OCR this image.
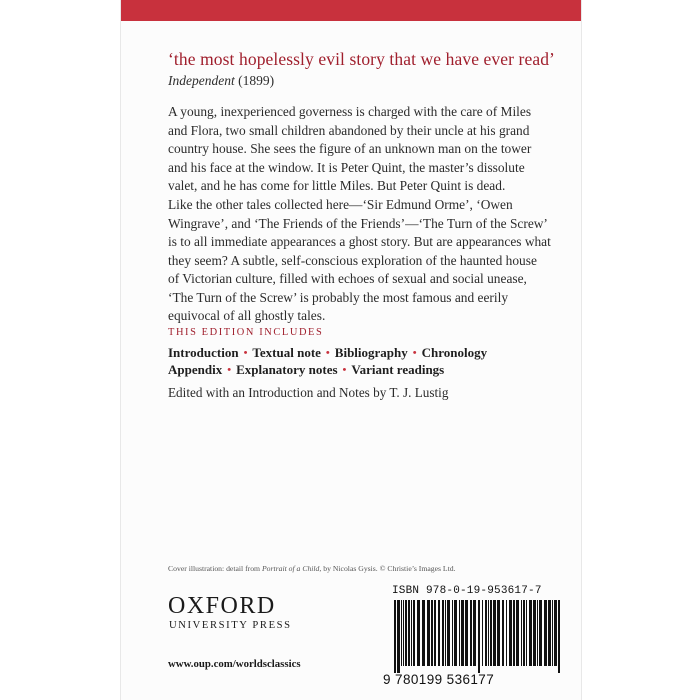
‘the most hopelessly evil story that we have ever read’
Independent (1899)

A young, inexperienced governess is charged with the care of Miles and Flora, two small children abandoned by their uncle at his grand country house. She sees the figure of an unknown man on the tower and his face at the window. It is Peter Quint, the master’s dissolute valet, and he has come for little Miles. But Peter Quint is dead.

Like the other tales collected here—‘Sir Edmund Orme’, ‘Owen Wingrave’, and ‘The Friends of the Friends’—‘The Turn of the Screw’ is to all immediate appearances a ghost story. But are appearances what they seem? A subtle, self-conscious exploration of the haunted house of Victorian culture, filled with echoes of sexual and social unease, ‘The Turn of the Screw’ is probably the most famous and eerily equivocal of all ghostly tales.

THIS EDITION INCLUDES
Introduction • Textual note • Bibliography • Chronology
Appendix • Explanatory notes • Variant readings
Edited with an Introduction and Notes by T. J. Lustig
Cover illustration: detail from Portrait of a Child, by Nicolas Gysis. © Christie’s Images Ltd.
OXFORD
UNIVERSITY PRESS
www.oup.com/worldsclassics
ISBN 978-0-19-953617-7
9 780199 536177
